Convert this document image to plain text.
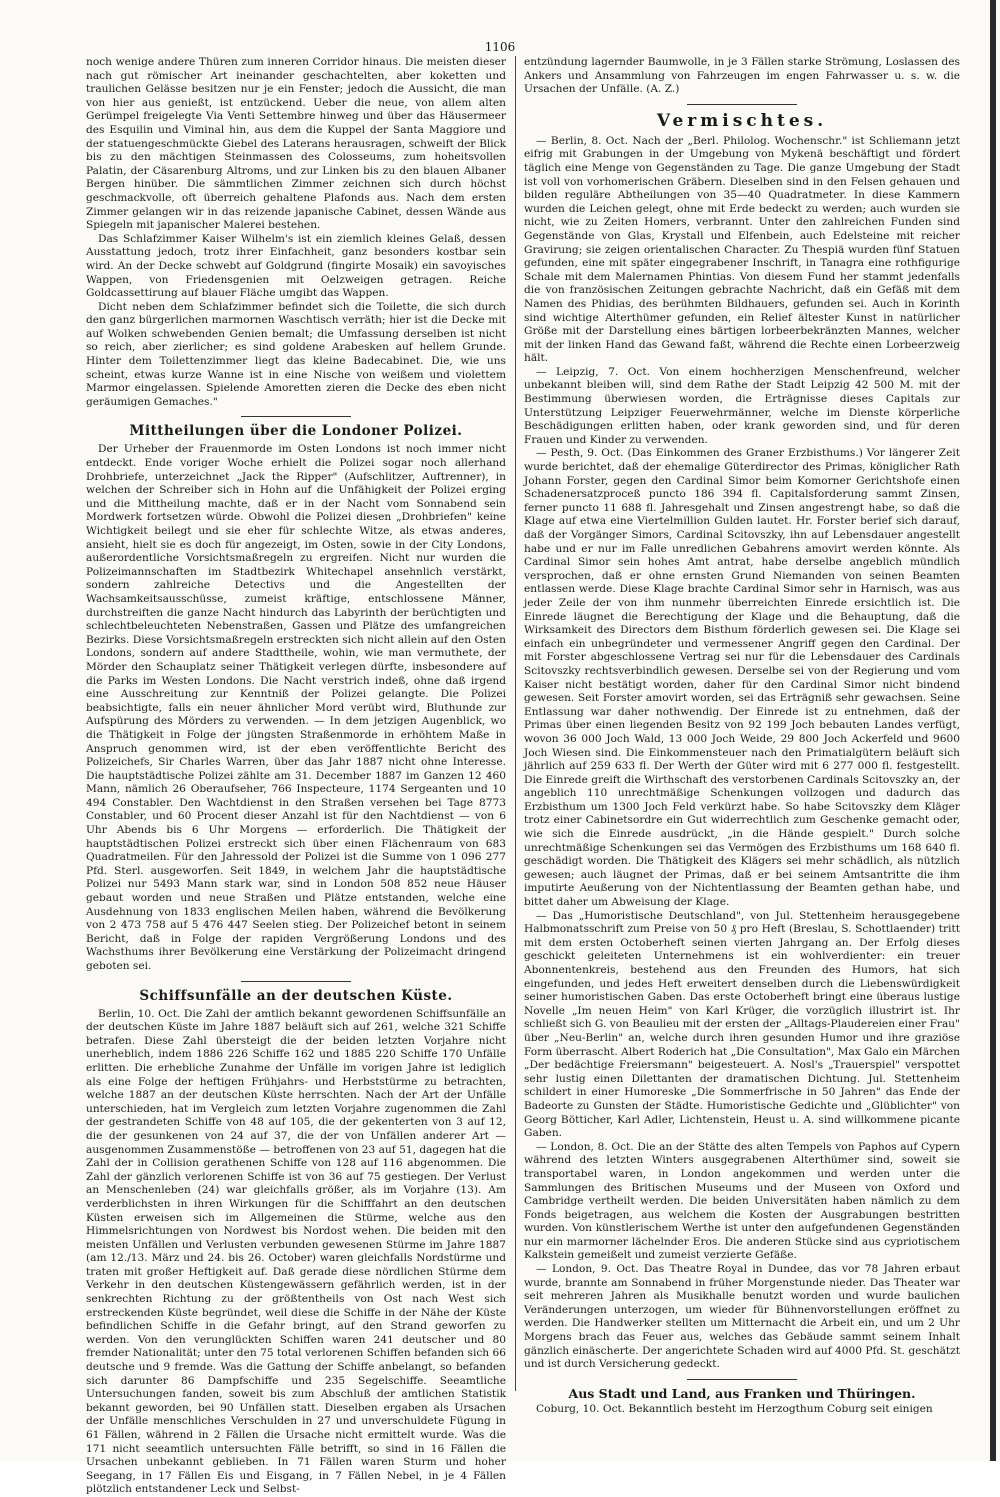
1106

noch wenige andere Thüren zum inneren Corridor hinaus. Die meisten dieser nach gut römischer Art ineinander geschachtelten, aber koketten und traulichen Gelässe besitzen nur je ein Fenster; jedoch die Aussicht, die man von hier aus genießt, ist entzückend. Ueber die neue, von allem alten Gerümpel freigelegte Via Venti Settembre hinweg und über das Häusermeer des Esquilin und Viminal hin, aus dem die Kuppel der Santa Maggiore und der statuengeschmückte Giebel des Laterans herausragen, schweift der Blick bis zu den mächtigen Steinmassen des Colosseums, zum hoheitsvollen Palatin, der Cäsarenburg Altroms, und zur Linken bis zu den blauen Albaner Bergen hinüber. Die sämmtlichen Zimmer zeichnen sich durch höchst geschmackvolle, oft überreich gehaltene Plafonds aus. Nach dem ersten Zimmer gelangen wir in das reizende japanische Cabinet, dessen Wände aus Spiegeln mit japanischer Malerei bestehen.

Das Schlafzimmer Kaiser Wilhelm's ist ein ziemlich kleines Gelaß, dessen Ausstattung jedoch, trotz ihrer Einfachheit, ganz besonders kostbar sein wird. An der Decke schwebt auf Goldgrund (fingirte Mosaik) ein savoyisches Wappen, von Friedensgenien mit Oelzweigen getragen. Reiche Goldcassettirung auf blauer Fläche umgibt das Wappen.

Dicht neben dem Schlafzimmer befindet sich die Toilette, die sich durch den ganz bürgerlichen marmornen Waschtisch verräth; hier ist die Decke mit auf Wolken schwebenden Genien bemalt; die Umfassung derselben ist nicht so reich, aber zierlicher; es sind goldene Arabesken auf hellem Grunde. Hinter dem Toilettenzimmer liegt das kleine Badecabinet. Die, wie uns scheint, etwas kurze Wanne ist in eine Nische von weißem und violettem Marmor eingelassen. Spielende Amoretten zieren die Decke des eben nicht geräumigen Gemaches."

Mittheilungen über die Londoner Polizei.

Der Urheber der Frauenmorde im Osten Londons ist noch immer nicht entdeckt. Ende voriger Woche erhielt die Polizei sogar noch allerhand Drohbriefe, unterzeichnet „Jack the Ripper" (Aufschlitzer, Auftrenner), in welchen der Schreiber sich in Hohn auf die Unfähigkeit der Polizei erging und die Mittheilung machte, daß er in der Nacht vom Sonnabend sein Mordwerk fortsetzen würde. Obwohl die Polizei diesen „Drohbriefen" keine Wichtigkeit beilegt und sie eher für schlechte Witze, als etwas anderes, ansieht, hielt sie es doch für angezeigt, im Osten, sowie in der City Londons, außerordentliche Vorsichtsmaßregeln zu ergreifen. Nicht nur wurden die Polizeimannschaften im Stadtbezirk Whitechapel ansehnlich verstärkt, sondern zahlreiche Detectivs und die Angestellten der Wachsamkeitsausschüsse, zumeist kräftige, entschlossene Männer, durchstreiften die ganze Nacht hindurch das Labyrinth der berüchtigten und schlechtbeleuchteten Nebenstraßen, Gassen und Plätze des umfangreichen Bezirks. Diese Vorsichtsmaßregeln erstreckten sich nicht allein auf den Osten Londons, sondern auf andere Stadttheile, wohin, wie man vermuthete, der Mörder den Schauplatz seiner Thätigkeit verlegen dürfte, insbesondere auf die Parks im Westen Londons. Die Nacht verstrich indeß, ohne daß irgend eine Ausschreitung zur Kenntniß der Polizei gelangte. Die Polizei beabsichtigte, falls ein neuer ähnlicher Mord verübt wird, Bluthunde zur Aufspürung des Mörders zu verwenden. — In dem jetzigen Augenblick, wo die Thätigkeit in Folge der jüngsten Straßenmorde in erhöhtem Maße in Anspruch genommen wird, ist der eben veröffentlichte Bericht des Polizeichefs, Sir Charles Warren, über das Jahr 1887 nicht ohne Interesse. Die hauptstädtische Polizei zählte am 31. December 1887 im Ganzen 12 460 Mann, nämlich 26 Oberaufseher, 766 Inspecteure, 1174 Sergeanten und 10 494 Constabler. Den Wachtdienst in den Straßen versehen bei Tage 8773 Constabler, und 60 Procent dieser Anzahl ist für den Nachtdienst — von 6 Uhr Abends bis 6 Uhr Morgens — erforderlich. Die Thätigkeit der hauptstädtischen Polizei erstreckt sich über einen Flächenraum von 683 Quadratmeilen. Für den Jahressold der Polizei ist die Summe von 1 096 277 Pfd. Sterl. ausgeworfen. Seit 1849, in welchem Jahr die hauptstädtische Polizei nur 5493 Mann stark war, sind in London 508 852 neue Häuser gebaut worden und neue Straßen und Plätze entstanden, welche eine Ausdehnung von 1833 englischen Meilen haben, während die Bevölkerung von 2 473 758 auf 5 476 447 Seelen stieg. Der Polizeichef betont in seinem Bericht, daß in Folge der rapiden Vergrößerung Londons und des Wachsthums ihrer Bevölkerung eine Verstärkung der Polizeimacht dringend geboten sei.

Schiffsunfälle an der deutschen Küste.

Berlin, 10. Oct. Die Zahl der amtlich bekannt gewordenen Schiffsunfälle an der deutschen Küste im Jahre 1887 beläuft sich auf 261, welche 321 Schiffe betrafen. Diese Zahl übersteigt die der beiden letzten Vorjahre nicht unerheblich, indem 1886 226 Schiffe 162 und 1885 220 Schiffe 170 Unfälle erlitten. Die erhebliche Zunahme der Unfälle im vorigen Jahre ist lediglich als eine Folge der heftigen Frühjahrs- und Herbststürme zu betrachten, welche 1887 an der deutschen Küste herrschten. Nach der Art der Unfälle unterschieden, hat im Vergleich zum letzten Vorjahre zugenommen die Zahl der gestrandeten Schiffe von 48 auf 105, die der gekenterten von 3 auf 12, die der gesunkenen von 24 auf 37, die der von Unfällen anderer Art — ausgenommen Zusammenstöße — betroffenen von 23 auf 51, dagegen hat die Zahl der in Collision gerathenen Schiffe von 128 auf 116 abgenommen. Die Zahl der gänzlich verlorenen Schiffe ist von 36 auf 75 gestiegen. Der Verlust an Menschenleben (24) war gleichfalls größer, als im Vorjahre (13). Am verderblichsten in ihren Wirkungen für die Schifffahrt an den deutschen Küsten erweisen sich im Allgemeinen die Stürme, welche aus den Himmelsrichtungen von Nordwest bis Nordost wehen. Die beiden mit den meisten Unfällen und Verlusten verbunden gewesenen Stürme im Jahre 1887 (am 12./13. März und 24. bis 26. October) waren gleichfalls Nordstürme und traten mit großer Heftigkeit auf. Daß gerade diese nördlichen Stürme dem Verkehr in den deutschen Küstengewässern gefährlich werden, ist in der senkrechten Richtung zu der größtentheils von Ost nach West sich erstreckenden Küste begründet, weil diese die Schiffe in der Nähe der Küste befindlichen Schiffe in die Gefahr bringt, auf den Strand geworfen zu werden. Von den verunglückten Schiffen waren 241 deutscher und 80 fremder Nationalität; unter den 75 total verlorenen Schiffen befanden sich 66 deutsche und 9 fremde. Was die Gattung der Schiffe anbelangt, so befanden sich darunter 86 Dampfschiffe und 235 Segelschiffe. Seeamtliche Untersuchungen fanden, soweit bis zum Abschluß der amtlichen Statistik bekannt geworden, bei 90 Unfällen statt. Dieselben ergaben als Ursachen der Unfälle menschliches Verschulden in 27 und unverschuldete Fügung in 61 Fällen, während in 2 Fällen die Ursache nicht ermittelt wurde. Was die 171 nicht seeamtlich untersuchten Fälle betrifft, so sind in 16 Fällen die Ursachen unbekannt geblieben. In 71 Fällen waren Sturm und hoher Seegang, in 17 Fällen Eis und Eisgang, in 7 Fällen Nebel, in je 4 Fällen plötzlich entstandener Leck und Selbst-

entzündung lagernder Baumwolle, in je 3 Fällen starke Strömung, Loslassen des Ankers und Ansammlung von Fahrzeugen im engen Fahrwasser u. s. w. die Ursachen der Unfälle. (A. Z.)

Vermischtes.

— Berlin, 8. Oct. Nach der „Berl. Philolog. Wochenschr." ist Schliemann jetzt eifrig mit Grabungen in der Umgebung von Mykenä beschäftigt und fördert täglich eine Menge von Gegenständen zu Tage. Die ganze Umgebung der Stadt ist voll von vorhomerischen Gräbern. Dieselben sind in den Felsen gehauen und bilden reguläre Abtheilungen von 35—40 Quadratmeter. In diese Kammern wurden die Leichen gelegt, ohne mit Erde bedeckt zu werden; auch wurden sie nicht, wie zu Zeiten Homers, verbrannt. Unter den zahlreichen Funden sind Gegenstände von Glas, Krystall und Elfenbein, auch Edelsteine mit reicher Gravirung; sie zeigen orientalischen Character. Zu Thespiä wurden fünf Statuen gefunden, eine mit später eingegrabener Inschrift, in Tanagra eine rothfigurige Schale mit dem Malernamen Phintias. Von diesem Fund her stammt jedenfalls die von französischen Zeitungen gebrachte Nachricht, daß ein Gefäß mit dem Namen des Phidias, des berühmten Bildhauers, gefunden sei. Auch in Korinth sind wichtige Alterthümer gefunden, ein Relief ältester Kunst in natürlicher Größe mit der Darstellung eines bärtigen lorbeerbekränzten Mannes, welcher mit der linken Hand das Gewand faßt, während die Rechte einen Lorbeerzweig hält.

— Leipzig, 7. Oct. Von einem hochherzigen Menschenfreund, welcher unbekannt bleiben will, sind dem Rathe der Stadt Leipzig 42 500 M. mit der Bestimmung überwiesen worden, die Erträgnisse dieses Capitals zur Unterstützung Leipziger Feuerwehrmänner, welche im Dienste körperliche Beschädigungen erlitten haben, oder krank geworden sind, und für deren Frauen und Kinder zu verwenden.

— Pesth, 9. Oct. (Das Einkommen des Graner Erzbisthums.) Vor längerer Zeit wurde berichtet, daß der ehemalige Güterdirector des Primas, königlicher Rath Johann Forster, gegen den Cardinal Simor beim Komorner Gerichtshofe einen Schadenersatzproceß puncto 186 394 fl. Capitalsforderung sammt Zinsen, ferner puncto 11 688 fl. Jahresgehalt und Zinsen angestrengt habe, so daß die Klage auf etwa eine Viertelmillion Gulden lautet. Hr. Forster berief sich darauf, daß der Vorgänger Simors, Cardinal Scitovszky, ihn auf Lebensdauer angestellt habe und er nur im Falle unredlichen Gebahrens amovirt werden könnte. Als Cardinal Simor sein hohes Amt antrat, habe derselbe angeblich mündlich versprochen, daß er ohne ernsten Grund Niemanden von seinen Beamten entlassen werde. Diese Klage brachte Cardinal Simor sehr in Harnisch, was aus jeder Zeile der von ihm nunmehr überreichten Einrede ersichtlich ist. Die Einrede läugnet die Berechtigung der Klage und die Behauptung, daß die Wirksamkeit des Directors dem Bisthum förderlich gewesen sei. Die Klage sei einfach ein unbegründeter und vermessener Angriff gegen den Cardinal. Der mit Forster abgeschlossene Vertrag sei nur für die Lebensdauer des Cardinals Scitovszky rechtsverbindlich gewesen. Derselbe sei von der Regierung und vom Kaiser nicht bestätigt worden, daher für den Cardinal Simor nicht bindend gewesen. Seit Forster amovirt worden, sei das Erträgniß sehr gewachsen. Seine Entlassung war daher nothwendig. Der Einrede ist zu entnehmen, daß der Primas über einen liegenden Besitz von 92 199 Joch bebauten Landes verfügt, wovon 36 000 Joch Wald, 13 000 Joch Weide, 29 800 Joch Ackerfeld und 9600 Joch Wiesen sind. Die Einkommensteuer nach den Primatialgütern beläuft sich jährlich auf 259 633 fl. Der Werth der Güter wird mit 6 277 000 fl. festgestellt. Die Einrede greift die Wirthschaft des verstorbenen Cardinals Scitovszky an, der angeblich 110 unrechtmäßige Schenkungen vollzogen und dadurch das Erzbisthum um 1300 Joch Feld verkürzt habe. So habe Scitovszky dem Kläger trotz einer Cabinetsordre ein Gut widerrechtlich zum Geschenke gemacht oder, wie sich die Einrede ausdrückt, „in die Hände gespielt." Durch solche unrechtmäßige Schenkungen sei das Vermögen des Erzbisthums um 168 640 fl. geschädigt worden. Die Thätigkeit des Klägers sei mehr schädlich, als nützlich gewesen; auch läugnet der Primas, daß er bei seinem Amtsantritte die ihm imputirte Aeußerung von der Nichtentlassung der Beamten gethan habe, und bittet daher um Abweisung der Klage.

— Das „Humoristische Deutschland", von Jul. Stettenheim herausgegebene Halbmonatsschrift zum Preise von 50 ₰ pro Heft (Breslau, S. Schottlaender) tritt mit dem ersten Octoberheft seinen vierten Jahrgang an. Der Erfolg dieses geschickt geleiteten Unternehmens ist ein wohlverdienter: ein treuer Abonnentenkreis, bestehend aus den Freunden des Humors, hat sich eingefunden, und jedes Heft erweitert denselben durch die Liebenswürdigkeit seiner humoristischen Gaben. Das erste Octoberheft bringt eine überaus lustige Novelle „Im neuen Heim" von Karl Krüger, die vorzüglich illustrirt ist. Ihr schließt sich G. von Beaulieu mit der ersten der „Alltags-Plaudereien einer Frau" über „Neu-Berlin" an, welche durch ihren gesunden Humor und ihre graziöse Form überrascht. Albert Roderich hat „Die Consultation", Max Galo ein Märchen „Der bedächtige Freiersmann" beigesteuert. A. Nosl's „Trauerspiel" verspottet sehr lustig einen Dilettanten der dramatischen Dichtung. Jul. Stettenheim schildert in einer Humoreske „Die Sommerfrische in 50 Jahren" das Ende der Badeorte zu Gunsten der Städte. Humoristische Gedichte und „Glüblichter" von Georg Bötticher, Karl Adler, Lichtenstein, Heust u. A. sind willkommene picante Gaben.

— London, 8. Oct. Die an der Stätte des alten Tempels von Paphos auf Cypern während des letzten Winters ausgegrabenen Alterthümer sind, soweit sie transportabel waren, in London angekommen und werden unter die Sammlungen des Britischen Museums und der Museen von Oxford und Cambridge vertheilt werden. Die beiden Universitäten haben nämlich zu dem Fonds beigetragen, aus welchem die Kosten der Ausgrabungen bestritten wurden. Von künstlerischem Werthe ist unter den aufgefundenen Gegenständen nur ein marmorner lächelnder Eros. Die anderen Stücke sind aus cypriotischem Kalkstein gemeißelt und zumeist verzierte Gefäße.

— London, 9. Oct. Das Theatre Royal in Dundee, das vor 78 Jahren erbaut wurde, brannte am Sonnabend in früher Morgenstunde nieder. Das Theater war seit mehreren Jahren als Musikhalle benutzt worden und wurde baulichen Veränderungen unterzogen, um wieder für Bühnenvorstellungen eröffnet zu werden. Die Handwerker stellten um Mitternacht die Arbeit ein, und um 2 Uhr Morgens brach das Feuer aus, welches das Gebäude sammt seinem Inhalt gänzlich einäscherte. Der angerichtete Schaden wird auf 4000 Pfd. St. geschätzt und ist durch Versicherung gedeckt.

Aus Stadt und Land, aus Franken und Thüringen.

Coburg, 10. Oct. Bekanntlich besteht im Herzogthum Coburg seit einigen
